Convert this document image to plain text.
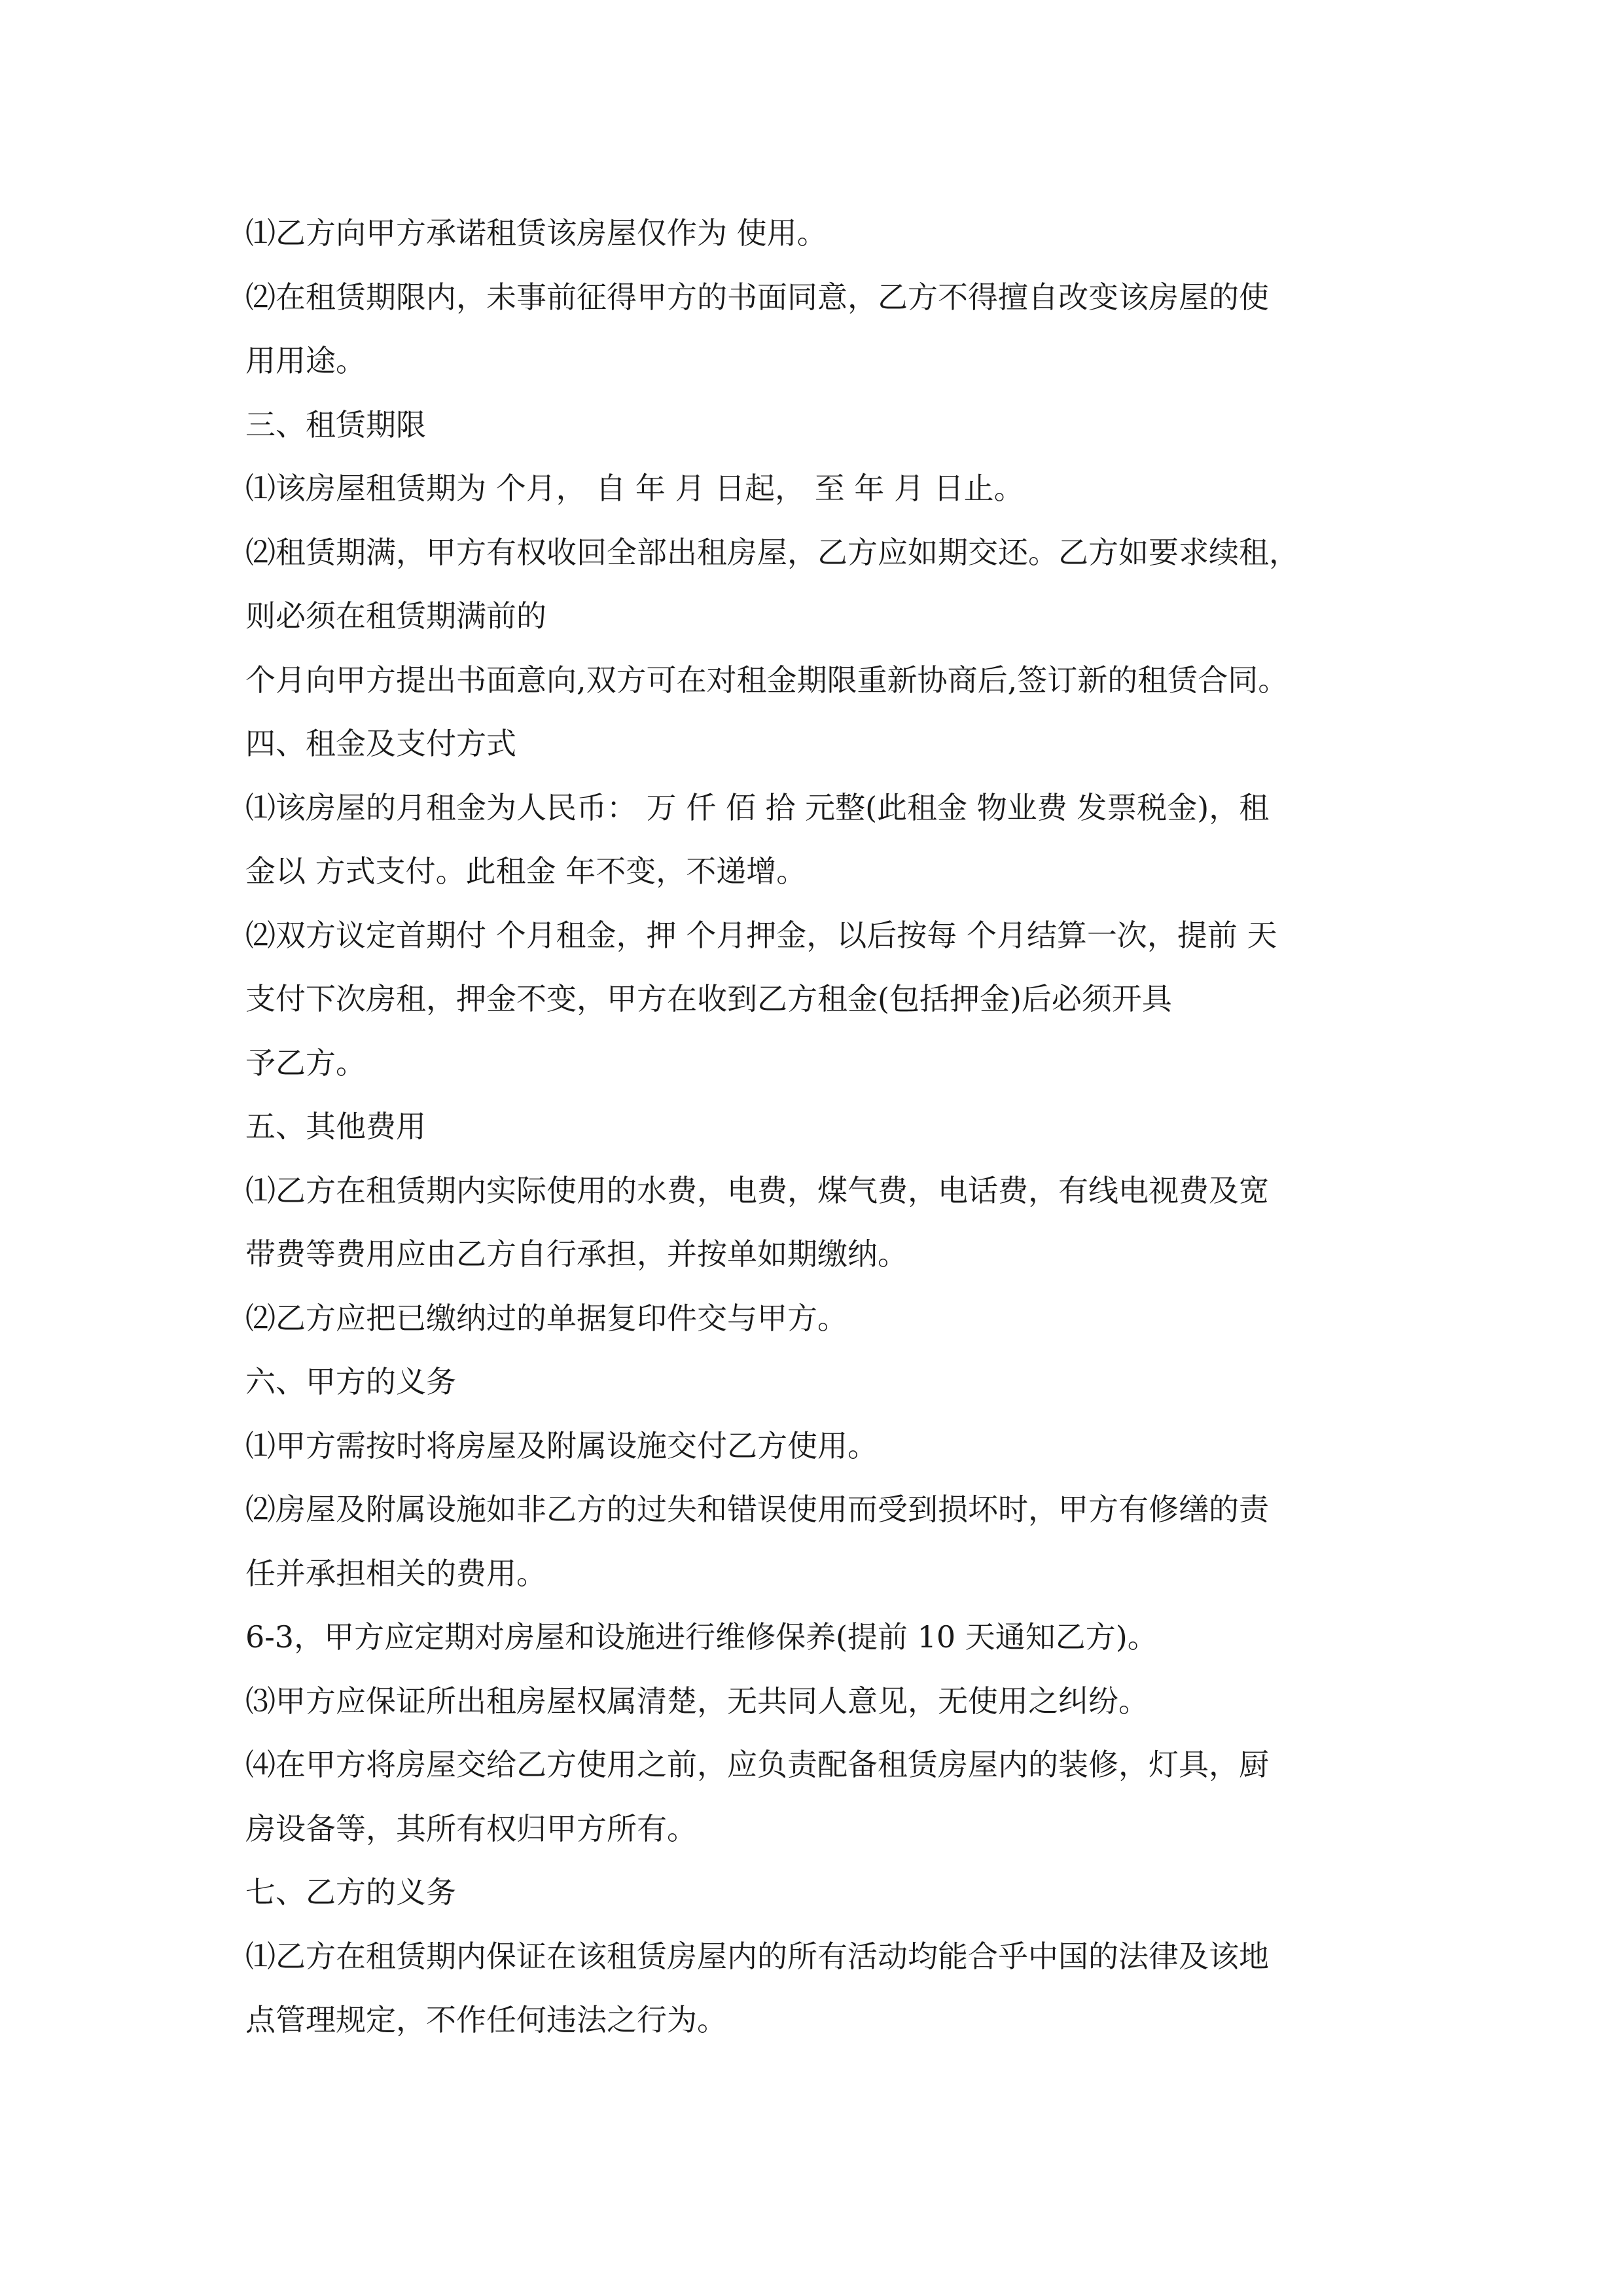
⑴乙方向甲方承诺租赁该房屋仅作为 使用。
⑵在租赁期限内，未事前征得甲方的书面同意，乙方不得擅自改变该房屋的使
用用途。
三、租赁期限
⑴该房屋租赁期为 个月， 自 年 月 日起， 至 年 月 日止。
⑵租赁期满，甲方有权收回全部出租房屋，乙方应如期交还。乙方如要求续租，
则必须在租赁期满前的
个月向甲方提出书面意向,双方可在对租金期限重新协商后,签订新的租赁合同。
四、租金及支付方式
⑴该房屋的月租金为人民币： 万 仟 佰 拾 元整(此租金 物业费 发票税金)，租
金以 方式支付。此租金 年不变，不递增。
⑵双方议定首期付 个月租金，押 个月押金，以后按每 个月结算一次，提前 天
支付下次房租，押金不变，甲方在收到乙方租金(包括押金)后必须开具
予乙方。
五、其他费用
⑴乙方在租赁期内实际使用的水费，电费，煤气费，电话费，有线电视费及宽
带费等费用应由乙方自行承担，并按单如期缴纳。
⑵乙方应把已缴纳过的单据复印件交与甲方。
六、甲方的义务
⑴甲方需按时将房屋及附属设施交付乙方使用。
⑵房屋及附属设施如非乙方的过失和错误使用而受到损坏时，甲方有修缮的责
任并承担相关的费用。
6-3，甲方应定期对房屋和设施进行维修保养(提前 10 天通知乙方)。
⑶甲方应保证所出租房屋权属清楚，无共同人意见，无使用之纠纷。
⑷在甲方将房屋交给乙方使用之前，应负责配备租赁房屋内的装修，灯具，厨
房设备等，其所有权归甲方所有。
七、乙方的义务
⑴乙方在租赁期内保证在该租赁房屋内的所有活动均能合乎中国的法律及该地
点管理规定，不作任何违法之行为。
